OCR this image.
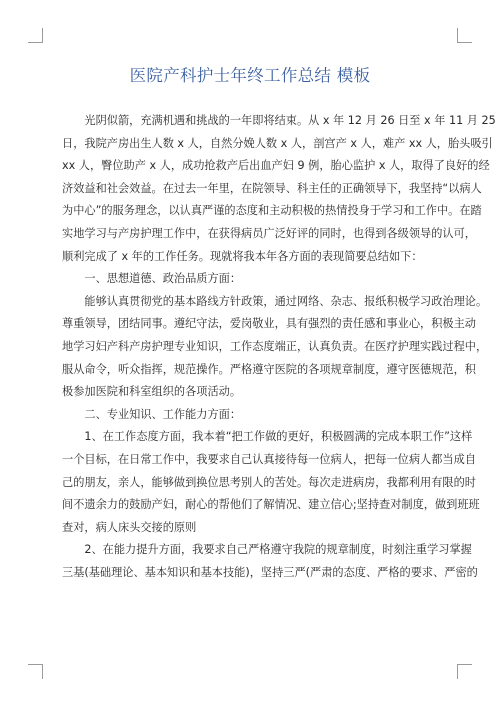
医院产科护士年终工作总结 模板
　　光阴似箭，充满机遇和挑战的一年即将结束。从 x 年 12 月 26 日至 x 年 11 月 25
日，我院产房出生人数 x 人，自然分娩人数 x 人，剖宫产 x 人，难产 xx 人，胎头吸引
xx 人，臀位助产 x 人，成功抢救产后出血产妇 9 例，胎心监护 x 人，取得了良好的经
济效益和社会效益。在过去一年里，在院领导、科主任的正确领导下，我坚持“以病人
为中心”的服务理念，以认真严谨的态度和主动积极的热情投身于学习和工作中。在踏
实地学习与产房护理工作中，在获得病员广泛好评的同时，也得到各级领导的认可，
顺利完成了 x 年的工作任务。现就将我本年各方面的表现简要总结如下：
　　一、思想道德、政治品质方面：
　　能够认真贯彻党的基本路线方针政策，通过网络、杂志、报纸积极学习政治理论。
尊重领导，团结同事。遵纪守法，爱岗敬业，具有强烈的责任感和事业心，积极主动
地学习妇产科产房护理专业知识，工作态度端正，认真负责。在医疗护理实践过程中，
服从命令，听众指挥，规范操作。严格遵守医院的各项规章制度，遵守医德规范，积
极参加医院和科室组织的各项活动。
　　二、专业知识、工作能力方面：
　　1、在工作态度方面，我本着“把工作做的更好，积极圆满的完成本职工作”这样
一个目标，在日常工作中，我要求自己认真接待每一位病人，把每一位病人都当成自
己的朋友，亲人，能够做到换位思考别人的苦处。每次走进病房，我都利用有限的时
间不遗余力的鼓励产妇，耐心的帮他们了解情况、建立信心;坚持查对制度，做到班班
查对，病人床头交接的原则
　　2、在能力提升方面，我要求自己严格遵守我院的规章制度，时刻注重学习掌握
三基(基础理论、基本知识和基本技能)，坚持三严(严肃的态度、严格的要求、严密的
